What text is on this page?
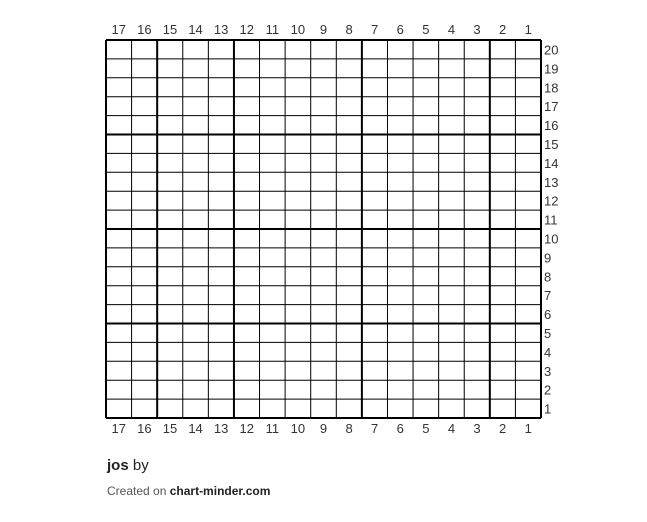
17
17
16
16
15
15
14
14
13
13
12
12
11
11
10
10
9
9
8
8
7
7
6
6
5
5
4
4
3
3
2
2
1
1
20
19
18
17
16
15
14
13
12
11
10
9
8
7
6
5
4
3
2
1
jos by
Created on chart-minder.com
